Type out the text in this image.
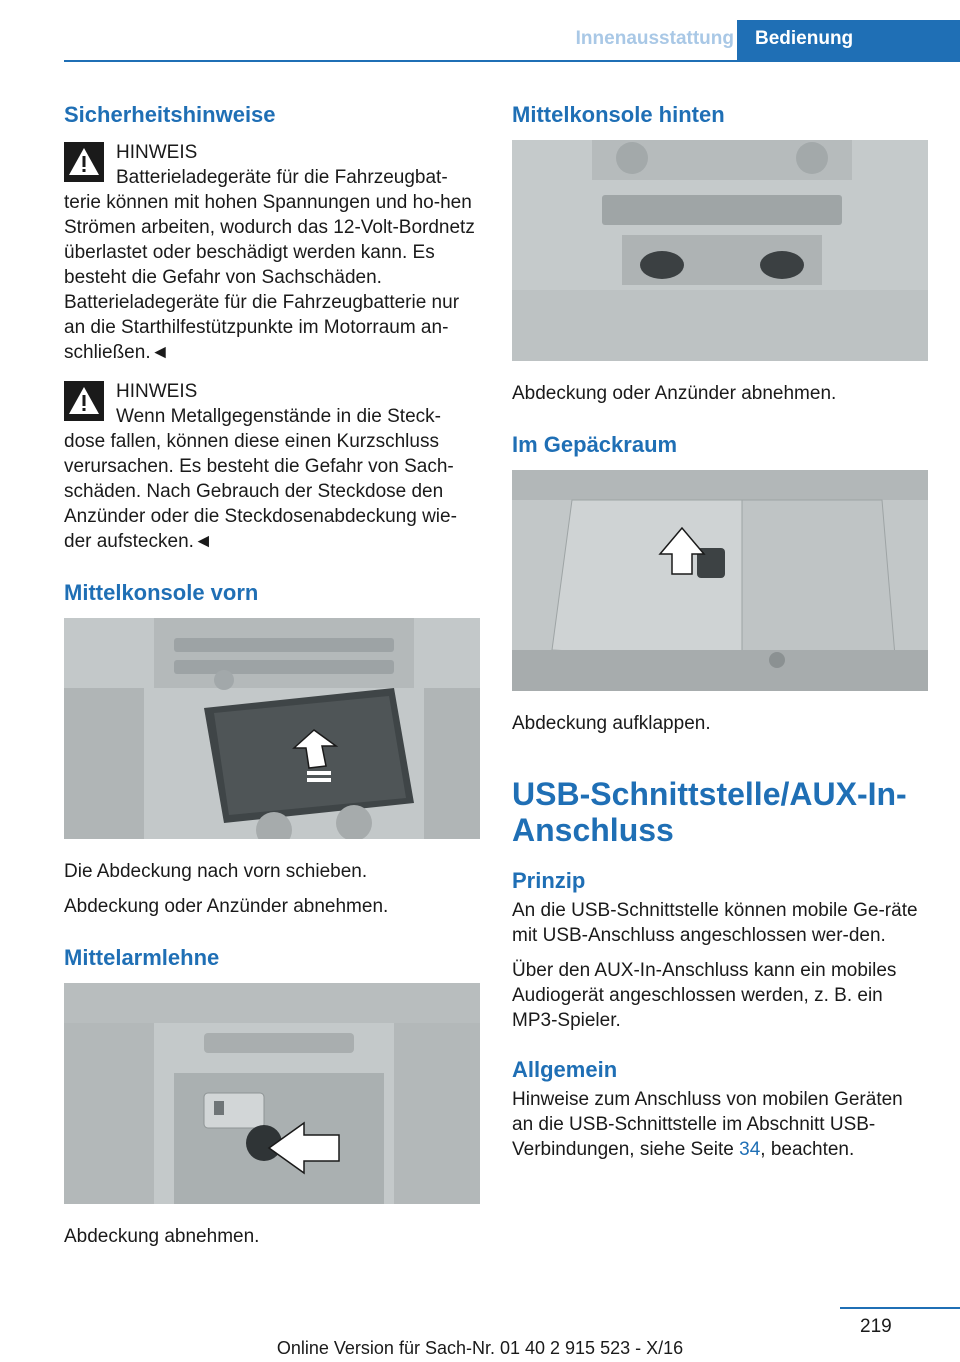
Innenausstattung	Bedienung
Sicherheitshinweise
HINWEIS
Batterieladegeräte für die Fahrzeugbat-terie können mit hohen Spannungen und ho-hen Strömen arbeiten, wodurch das 12-Volt-Bordnetz überlastet oder beschädigt werden kann. Es besteht die Gefahr von Sachschäden. Batterieladegeräte für die Fahrzeugbatterie nur an die Starthilfestützpunkte im Motorraum an-schließen.◄
HINWEIS
Wenn Metallgegenstände in die Steck-dose fallen, können diese einen Kurzschluss verursachen. Es besteht die Gefahr von Sach-schäden. Nach Gebrauch der Steckdose den Anzünder oder die Steckdosenabdeckung wie-der aufstecken.◄
Mittelkonsole vorn

Die Abdeckung nach vorn schieben.

Abdeckung oder Anzünder abnehmen.

Mittelarmlehne

Abdeckung abnehmen.

Mittelkonsole hinten

Abdeckung oder Anzünder abnehmen.

Im Gepäckraum

Abdeckung aufklappen.

USB-Schnittstelle/AUX-In-Anschluss
Prinzip

An die USB-Schnittstelle können mobile Ge-räte mit USB-Anschluss angeschlossen wer-den.

Über den AUX-In-Anschluss kann ein mobiles Audiogerät angeschlossen werden, z. B. ein MP3-Spieler.

Allgemein

Hinweise zum Anschluss von mobilen Geräten an die USB-Schnittstelle im Abschnitt USB-Verbindungen, siehe Seite 34, beachten.

219
Online Version für Sach-Nr. 01 40 2 915 523 - X/16
